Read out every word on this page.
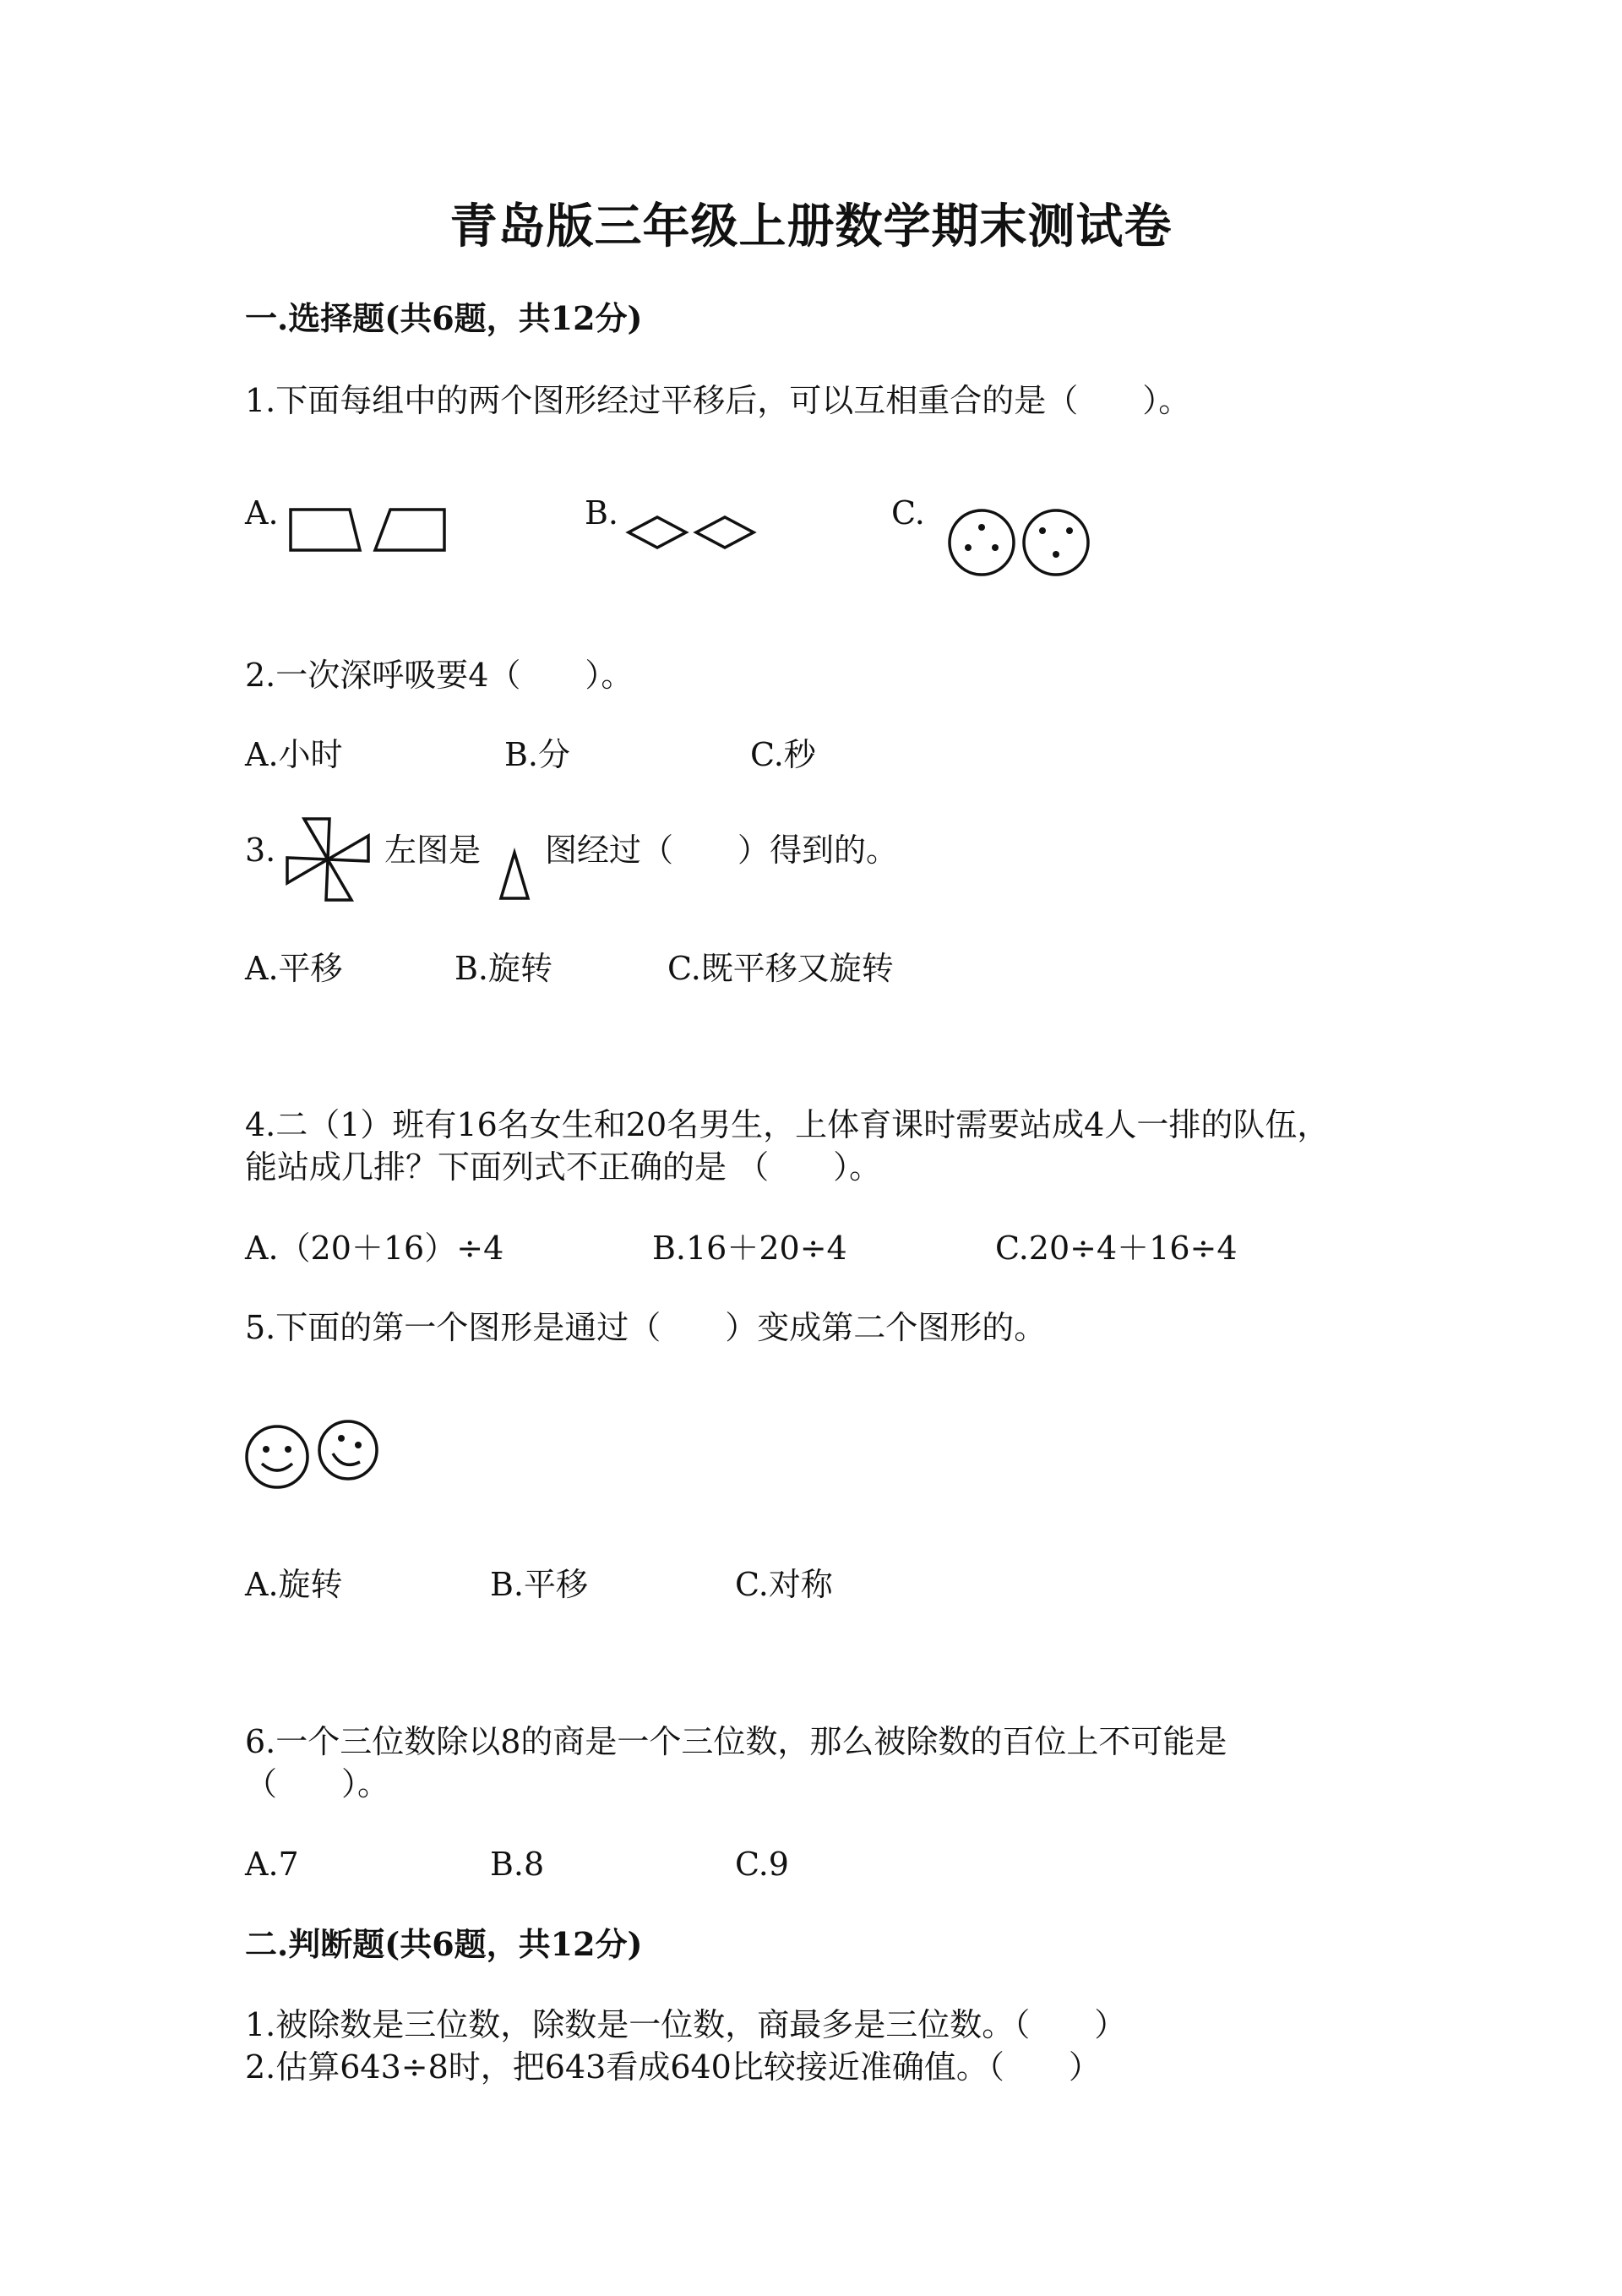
青岛版三年级上册数学期末测试卷
一.选择题(共6题，共12分)
1.下面每组中的两个图形经过平移后，可以互相重合的是（　　）。
A.	B.	C.
2.一次深呼吸要4（　　）。
A.小时	B.分	C.秒
3.	左图是 图经过（　　）得到的。
A.平移	B.旋转	C.既平移又旋转
4.二（1）班有16名女生和20名男生，上体育课时需要站成4人一排的队伍，
能站成几排？下面列式不正确的是 （　　）。
A.（20＋16）÷4	B.16＋20÷4	C.20÷4＋16÷4
5.下面的第一个图形是通过（　　）变成第二个图形的。
A.旋转	B.平移	C.对称
6.一个三位数除以8的商是一个三位数，那么被除数的百位上不可能是
（　　）。
A.7	B.8	C.9
二.判断题(共6题，共12分)
1.被除数是三位数，除数是一位数，商最多是三位数。（　　）
2.估算643÷8时，把643看成640比较接近准确值。（　　）
